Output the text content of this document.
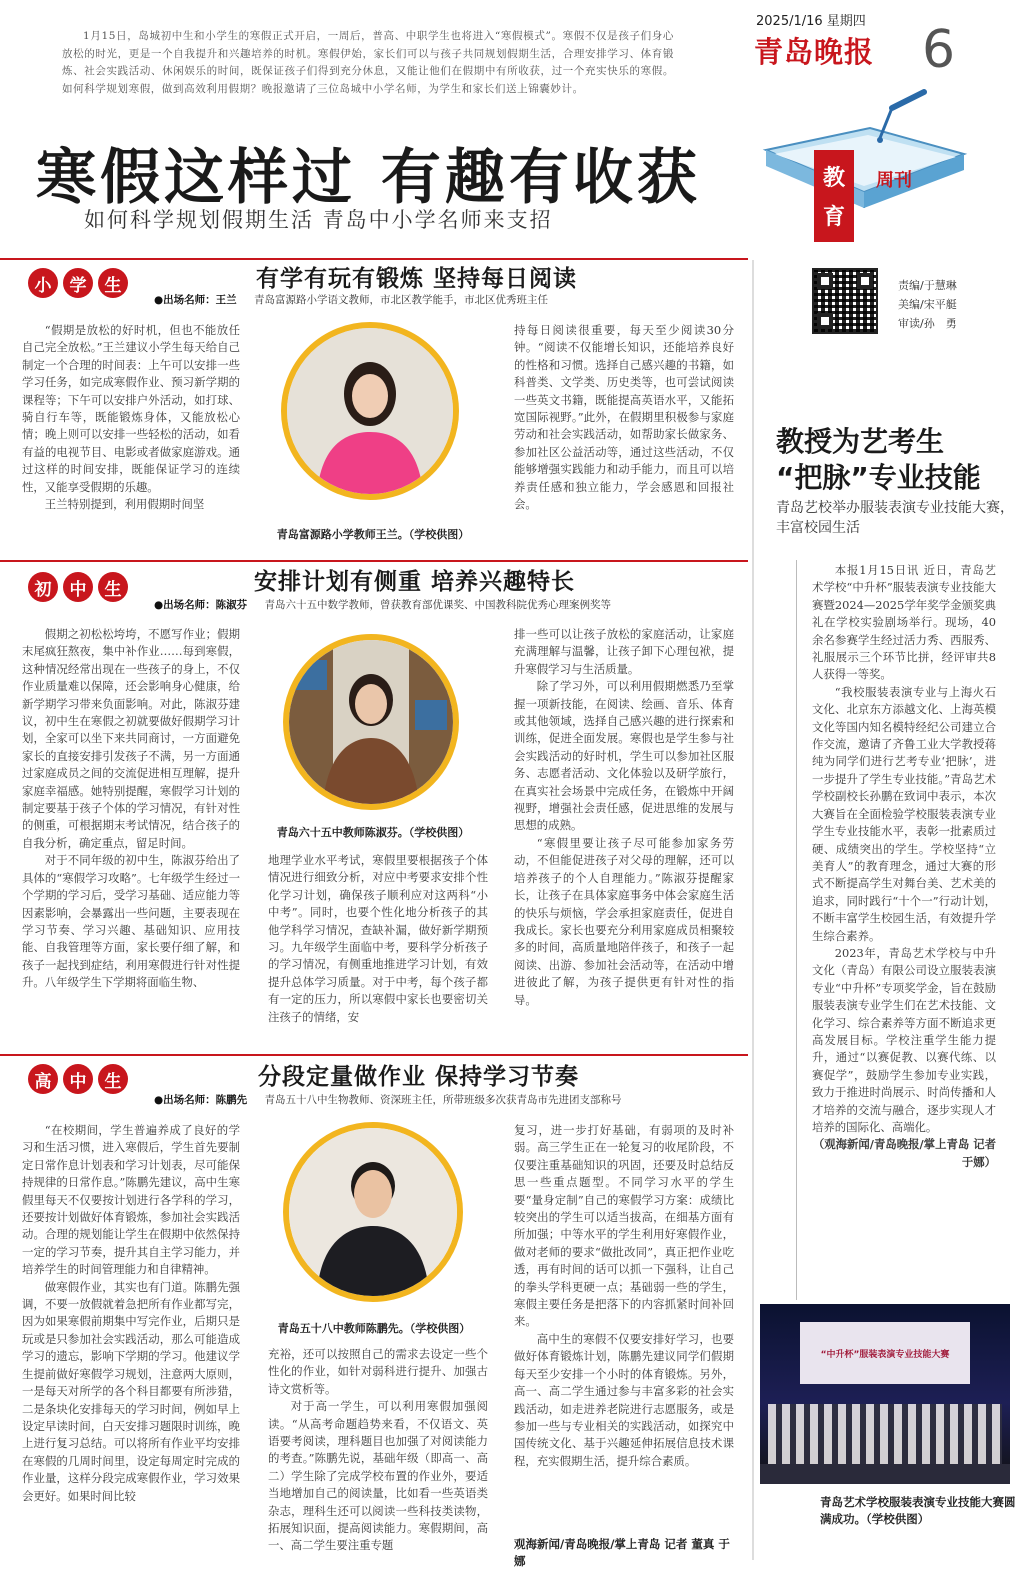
1月15日，岛城初中生和小学生的寒假正式开启，一周后，普高、中职学生也将进入“寒假模式”。寒假不仅是孩子们身心放松的时光，更是一个自我提升和兴趣培养的时机。寒假伊始，家长们可以与孩子共同规划假期生活，合理安排学习、体育锻炼、社会实践活动、休闲娱乐的时间，既保证孩子们得到充分休息，又能让他们在假期中有所收获，过一个充实快乐的寒假。如何科学规划寒假，做到高效利用假期？晚报邀请了三位岛城中小学名师，为学生和家长们送上锦囊妙计。
寒假这样过 有趣有收获
如何科学规划假期生活 青岛中小学名师来支招
2025/1/16 星期四
青岛晚报 6
教
育
周刊
责编/于慧琳
美编/宋平艇
审读/孙　勇
小	学	生	有学有玩有锻炼 坚持每日阅读
●出场名师：王兰 青岛富源路小学语文教师，市北区教学能手，市北区优秀班主任

“假期是放松的好时机，但也不能放任自己完全放松。”王兰建议小学生每天给自己制定一个合理的时间表：上午可以安排一些学习任务，如完成寒假作业、预习新学期的课程等；下午可以安排户外活动，如打球、骑自行车等，既能锻炼身体，又能放松心情；晚上则可以安排一些轻松的活动，如看有益的电视节目、电影或者做家庭游戏。通过这样的时间安排，既能保证学习的连续性，又能享受假期的乐趣。

王兰特别提到，利用假期时间坚

青岛富源路小学教师王兰。（学校供图）

持每日阅读很重要，每天至少阅读30分钟。“阅读不仅能增长知识，还能培养良好的性格和习惯。选择自己感兴趣的书籍，如科普类、文学类、历史类等，也可尝试阅读一些英文书籍，既能提高英语水平，又能拓宽国际视野。”此外，在假期里积极参与家庭劳动和社会实践活动，如帮助家长做家务、参加社区公益活动等，通过这些活动，不仅能够增强实践能力和动手能力，而且可以培养责任感和独立能力，学会感恩和回报社会。

初	中	生	安排计划有侧重 培养兴趣特长
●出场名师：陈淑芬 青岛六十五中数学教师，曾获教育部优课奖、中国教科院优秀心理案例奖等

假期之初松松垮垮，不愿写作业；假期末尾疯狂熬夜，集中补作业……每到寒假，这种情况经常出现在一些孩子的身上，不仅作业质量难以保障，还会影响身心健康，给新学期学习带来负面影响。对此，陈淑芬建议，初中生在寒假之初就要做好假期学习计划，全家可以坐下来共同商讨，一方面避免家长的直接安排引发孩子不满，另一方面通过家庭成员之间的交流促进相互理解，提升家庭幸福感。她特别提醒，寒假学习计划的制定要基于孩子个体的学习情况，有针对性的侧重，可根据期末考试情况，结合孩子的自我分析，确定重点，留足时间。

对于不同年级的初中生，陈淑芬给出了具体的“寒假学习攻略”。七年级学生经过一个学期的学习后，受学习基础、适应能力等因素影响，会暴露出一些问题，主要表现在学习节奏、学习兴趣、基础知识、应用技能、自我管理等方面，家长要仔细了解，和孩子一起找到症结，利用寒假进行针对性提升。八年级学生下学期将面临生物、

青岛六十五中教师陈淑芬。（学校供图）

地理学业水平考试，寒假里要根据孩子个体情况进行细致分析，对应中考要求安排个性化学习计划，确保孩子顺利应对这两科“小中考”。同时，也要个性化地分析孩子的其他学科学习情况，查缺补漏，做好新学期预习。九年级学生面临中考，要科学分析孩子的学习情况，有侧重地推进学习计划，有效提升总体学习质量。对于中考，每个孩子都有一定的压力，所以寒假中家长也要密切关注孩子的情绪，安

排一些可以让孩子放松的家庭活动，让家庭充满理解与温馨，让孩子卸下心理包袱，提升寒假学习与生活质量。

除了学习外，可以利用假期燃悉乃至掌握一项新技能，在阅读、绘画、音乐、体育或其他领域，选择自己感兴趣的进行探索和训练，促进全面发展。寒假也是学生参与社会实践活动的好时机，学生可以参加社区服务、志愿者活动、文化体验以及研学旅行，在真实社会场景中完成任务，在锻炼中开阔视野，增强社会责任感，促进思维的发展与思想的成熟。

“寒假里要让孩子尽可能参加家务劳动，不但能促进孩子对父母的理解，还可以培养孩子的个人自理能力。”陈淑芬提醒家长，让孩子在具体家庭事务中体会家庭生活的快乐与烦恼，学会承担家庭责任，促进自我成长。家长也要充分利用家庭成员相聚较多的时间，高质量地陪伴孩子，和孩子一起阅读、出游、参加社会活动等，在活动中增进彼此了解，为孩子提供更有针对性的指导。

高	中	生	分段定量做作业 保持学习节奏
●出场名师：陈鹏先 青岛五十八中生物教师、资深班主任，所带班级多次获青岛市先进团支部称号

“在校期间，学生普遍养成了良好的学习和生活习惯，进入寒假后，学生首先要制定日常作息计划表和学习计划表，尽可能保持规律的日常作息。”陈鹏先建议，高中生寒假里每天不仅要按计划进行各学科的学习，还要按计划做好体育锻炼，参加社会实践活动。合理的规划能让学生在假期中依然保持一定的学习节奏，提升其自主学习能力，并培养学生的时间管理能力和自律精神。

做寒假作业，其实也有门道。陈鹏先强调，不要一放假就着急把所有作业都写完，因为如果寒假前期集中写完作业，后期只是玩或是只参加社会实践活动，那么可能造成学习的遗忘，影响下学期的学习。他建议学生提前做好寒假学习规划，注意两大原则，一是每天对所学的各个科目都要有所涉猎，二是条块化安排每天的学习时间，例如早上设定早读时间，白天安排习题限时训练，晚上进行复习总结。可以将所有作业平均安排在寒假的几周时间里，设定每周定时完成的作业量，这样分段完成寒假作业，学习效果会更好。如果时间比较

青岛五十八中教师陈鹏先。（学校供图）

充裕，还可以按照自己的需求去设定一些个性化的作业，如针对弱科进行提升、加强古诗文赏析等。

对于高一学生，可以利用寒假加强阅读。“从高考命题趋势来看，不仅语文、英语要考阅读，理科题目也加强了对阅读能力的考查。”陈鹏先说，基础年级（即高一、高二）学生除了完成学校布置的作业外，要适当地增加自己的阅读量，比如看一些英语类杂志，理科生还可以阅读一些科技类读物，拓展知识面，提高阅读能力。寒假期间，高一、高二学生要注重专题

复习，进一步打好基础，有弱项的及时补弱。高三学生正在一轮复习的收尾阶段，不仅要注重基础知识的巩固，还要及时总结反思一些重点题型。不同学习水平的学生要“量身定制”自己的寒假学习方案：成绩比较突出的学生可以适当拔高，在细基方面有所加强；中等水平的学生利用好寒假作业，做对老师的要求“做批改同”，真正把作业吃透，再有时间的话可以抓一下强科，让自己的拳头学科更硬一点；基础弱一些的学生，寒假主要任务是把落下的内容抓紧时间补回来。

高中生的寒假不仅要安排好学习，也要做好体育锻炼计划，陈鹏先建议同学们假期每天至少安排一个小时的体育锻炼。另外，高一、高二学生通过参与丰富多彩的社会实践活动，如走进养老院进行志愿服务，或是参加一些与专业相关的实践活动，如探究中国传统文化、基于兴趣延伸拓展信息技术课程，充实假期生活，提升综合素质。

观海新闻/青岛晚报/掌上青岛 记者 董真 于娜
教授为艺考生
“把脉”专业技能
青岛艺校举办服装表演专业技能大赛，丰富校园生活

本报1月15日讯 近日，青岛艺术学校“中升杯”服装表演专业技能大赛暨2024—2025学年奖学金颁奖典礼在学校实验剧场举行。现场，40余名参赛学生经过活力秀、西服秀、礼服展示三个环节比拼，经评审共8人获得一等奖。

“我校服装表演专业与上海火石文化、北京东方添越文化、上海英模文化等国内知名模特经纪公司建立合作交流，邀请了齐鲁工业大学教授蒋纯为同学们进行艺考专业‘把脉’，进一步提升了学生专业技能。”青岛艺术学校副校长孙鹏在致词中表示，本次大赛旨在全面检验学校服装表演专业学生专业技能水平，表彰一批素质过硬、成绩突出的学生。学校坚持“立美育人”的教育理念，通过大赛的形式不断提高学生对舞台美、艺术美的追求，同时践行“十个一”行动计划，不断丰富学生校园生活，有效提升学生综合素养。

2023年，青岛艺术学校与中升文化（青岛）有限公司设立服装表演专业“中升杯”专项奖学金，旨在鼓励服装表演专业学生们在艺术技能、文化学习、综合素养等方面不断追求更高发展目标。学校注重学生能力提升，通过“以赛促教、以赛代练、以赛促学”，鼓励学生参加专业实践，致力于推进时尚展示、时尚传播和人才培养的交流与融合，逐步实现人才培养的国际化、高端化。

（观海新闻/青岛晚报/掌上青岛 记者 于娜）

“中升杯”服装表演专业技能大赛
青岛艺术学校服装表演专业技能大赛圆满成功。（学校供图）
